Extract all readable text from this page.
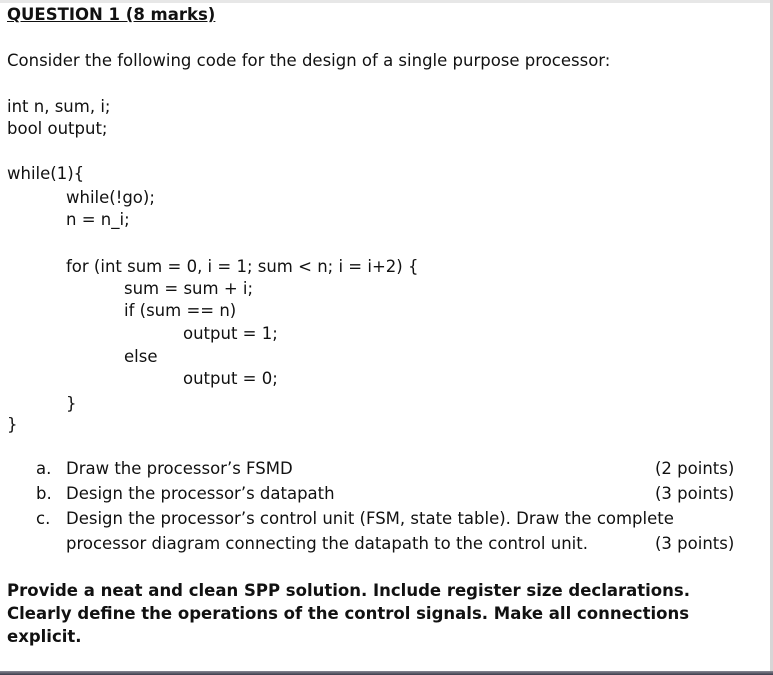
QUESTION 1 (8 marks)
Consider the following code for the design of a single purpose processor:
int n, sum, i;
bool output;
while(1){
while(!go);
n = n_i;
for (int sum = 0, i = 1; sum < n; i = i+2) {
sum = sum + i;
if (sum == n)
output = 1;
else
output = 0;
}
}
a. Draw the processor’s FSMD	(2 points)
b. Design the processor’s datapath	(3 points)
c. Design the processor’s control unit (FSM, state table). Draw the complete
processor diagram connecting the datapath to the control unit.	(3 points)
Provide a neat and clean SPP solution. Include register size declarations.
Clearly define the operations of the control signals. Make all connections
explicit.
